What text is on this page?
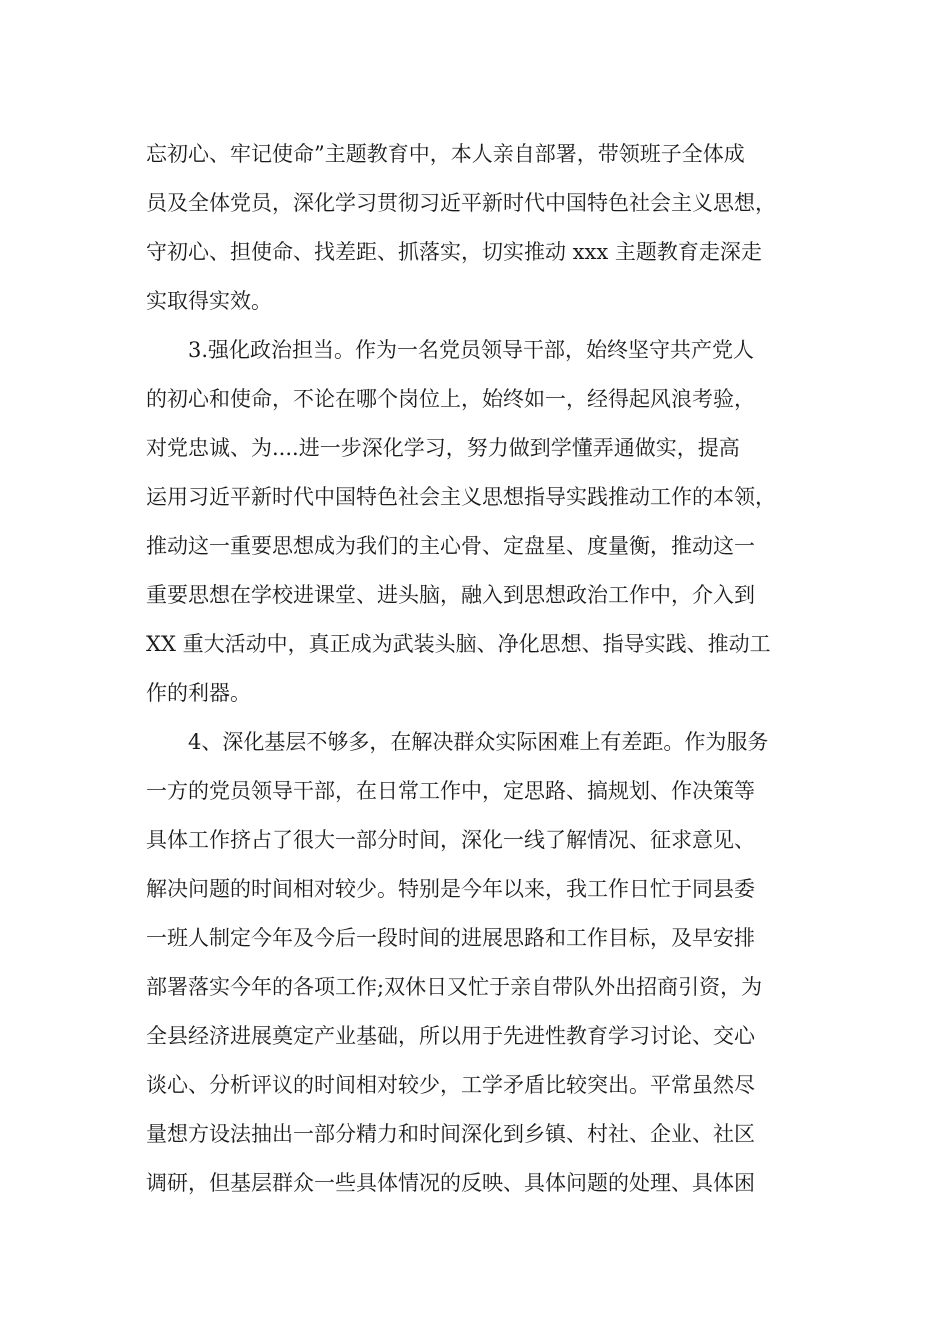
忘初心、牢记使命”主题教育中，本人亲自部署，带领班子全体成
员及全体党员，深化学习贯彻习近平新时代中国特色社会主义思想，
守初心、担使命、找差距、抓落实，切实推动 xxx 主题教育走深走
实取得实效。
3.强化政治担当。作为一名党员领导干部，始终坚守共产党人
的初心和使命，不论在哪个岗位上，始终如一，经得起风浪考验，
对党忠诚、为....进一步深化学习，努力做到学懂弄通做实，提高
运用习近平新时代中国特色社会主义思想指导实践推动工作的本领，
推动这一重要思想成为我们的主心骨、定盘星、度量衡，推动这一
重要思想在学校进课堂、进头脑，融入到思想政治工作中，介入到
XX 重大活动中，真正成为武装头脑、净化思想、指导实践、推动工
作的利器。
4、深化基层不够多，在解决群众实际困难上有差距。作为服务
一方的党员领导干部，在日常工作中，定思路、搞规划、作决策等
具体工作挤占了很大一部分时间，深化一线了解情况、征求意见、
解决问题的时间相对较少。特别是今年以来，我工作日忙于同县委
一班人制定今年及今后一段时间的进展思路和工作目标，及早安排
部署落实今年的各项工作;双休日又忙于亲自带队外出招商引资，为
全县经济进展奠定产业基础，所以用于先进性教育学习讨论、交心
谈心、分析评议的时间相对较少，工学矛盾比较突出。平常虽然尽
量想方设法抽出一部分精力和时间深化到乡镇、村社、企业、社区
调研，但基层群众一些具体情况的反映、具体问题的处理、具体困
